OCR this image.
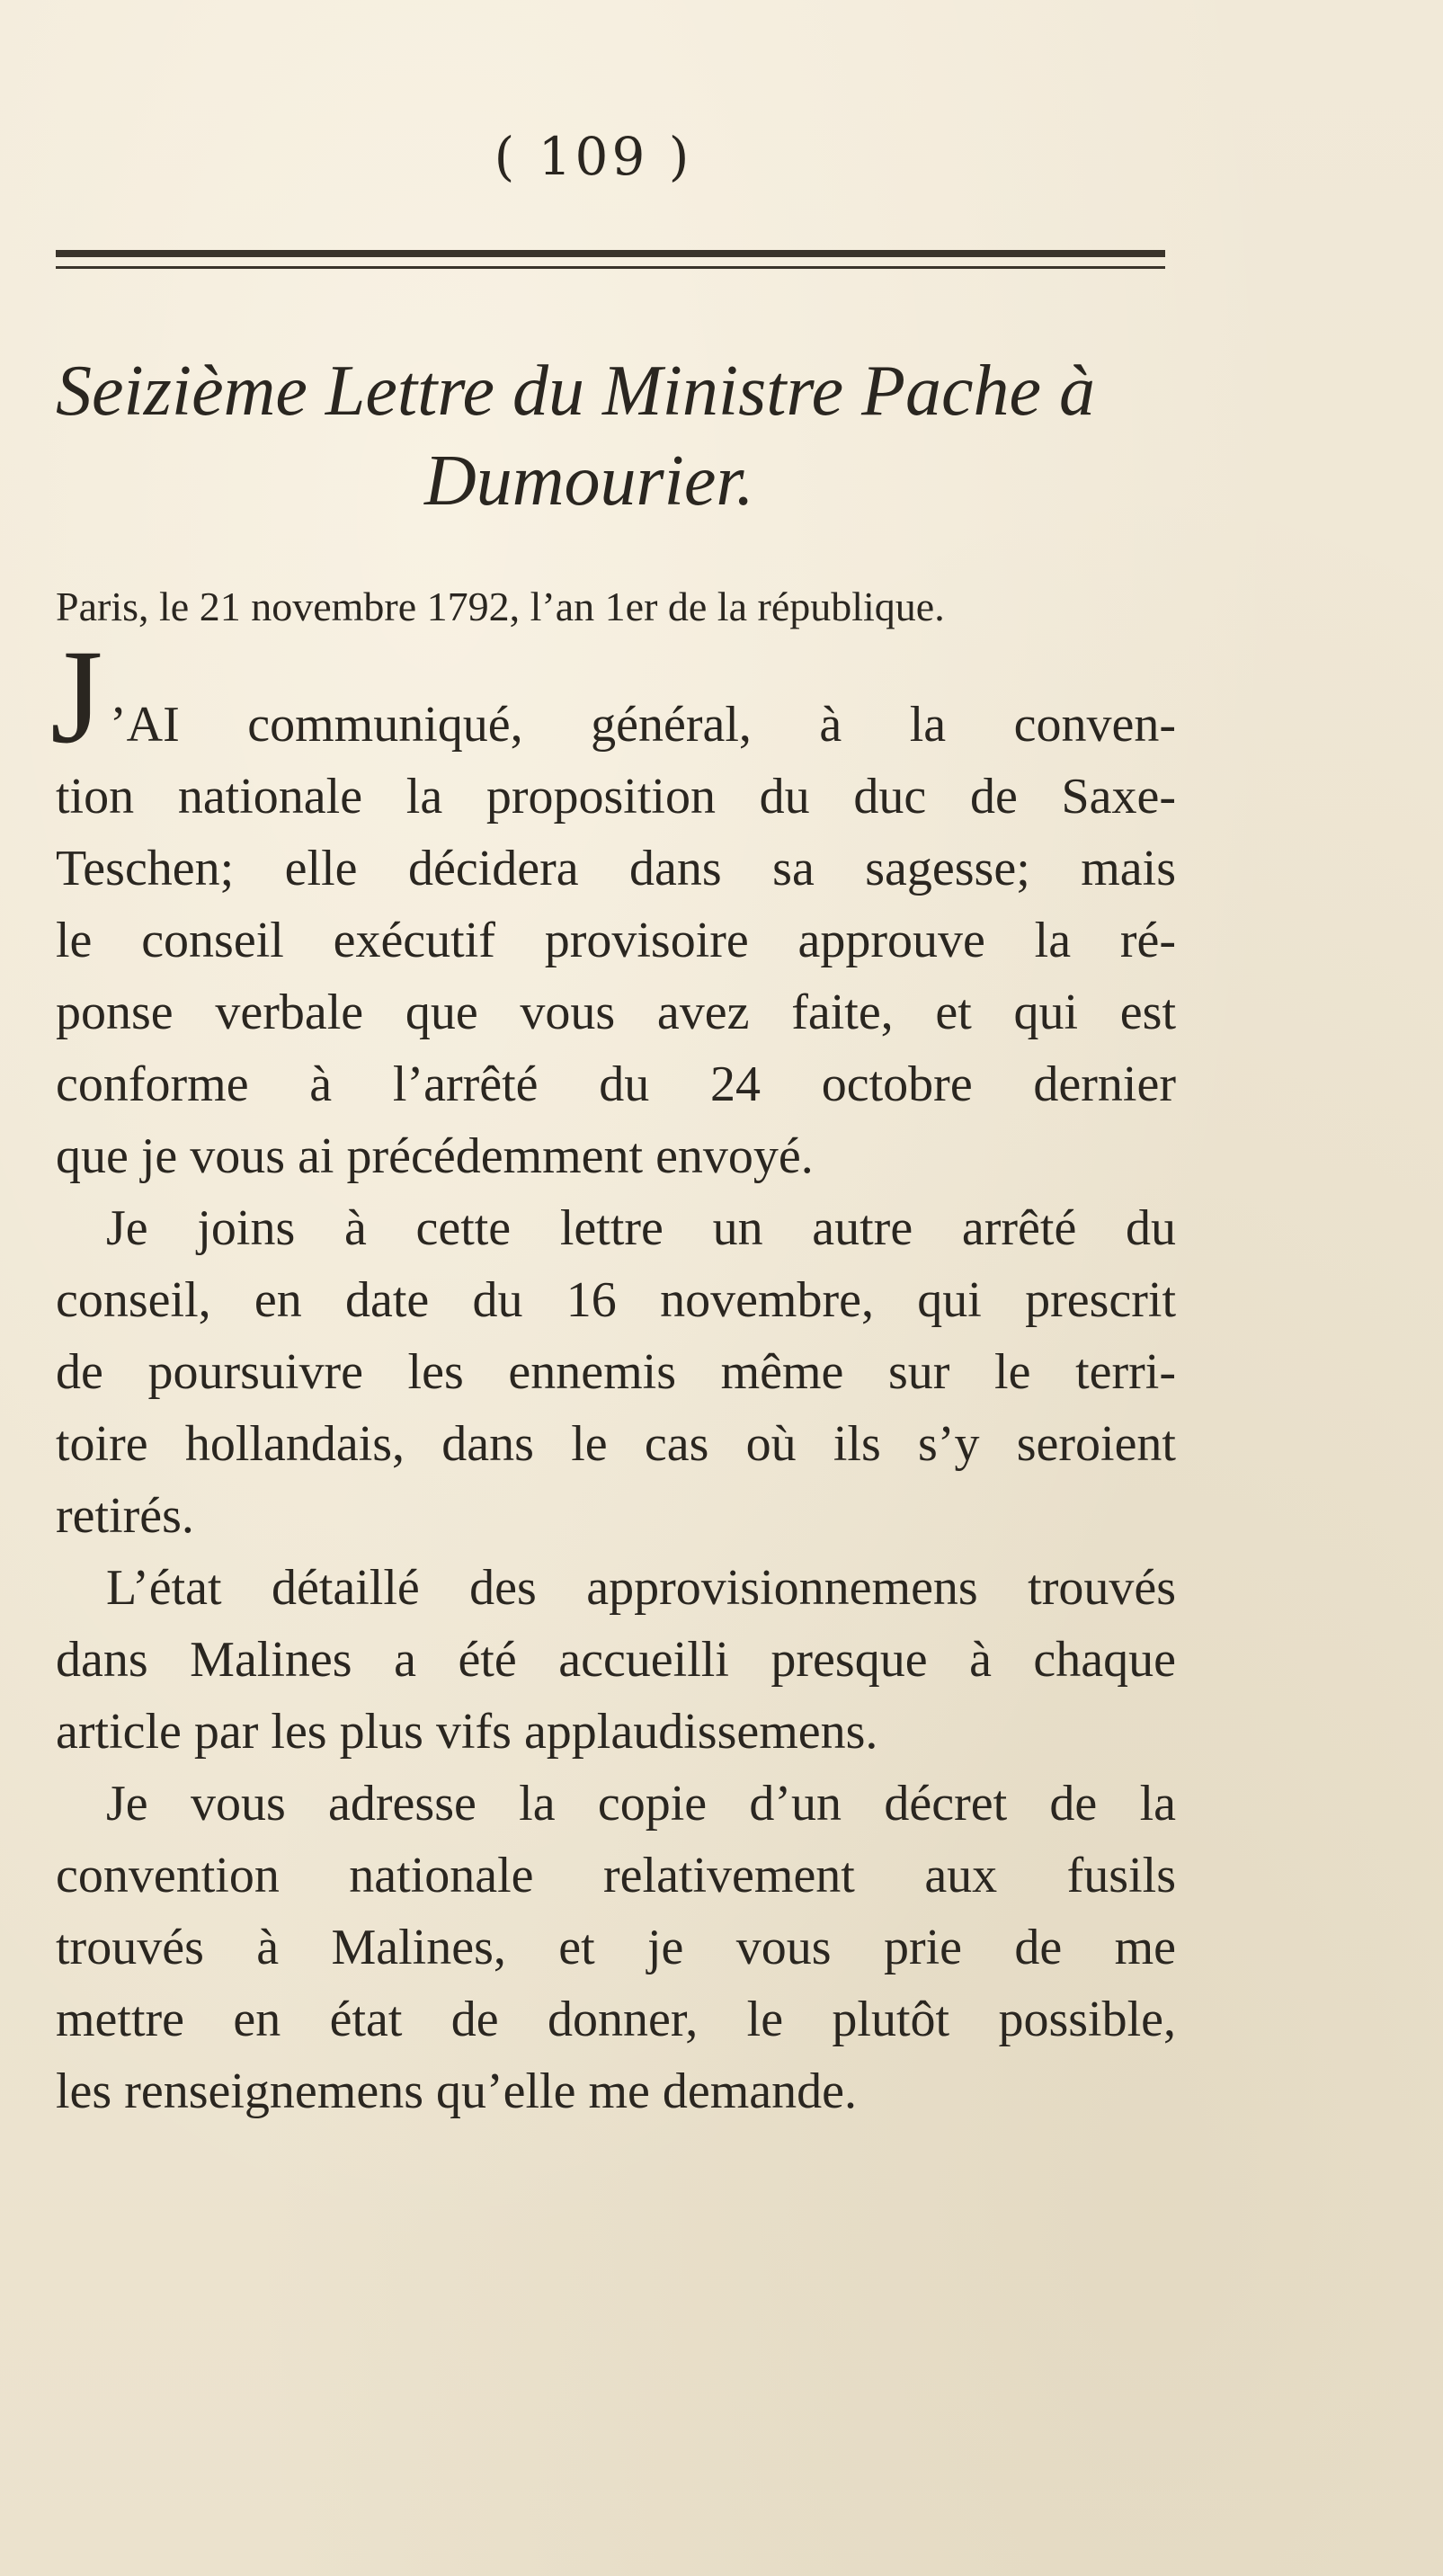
( 109 )
Seizième Lettre du Ministre Pache à
Dumourier.
Paris, le 21 novembre 1792, l’an 1er de la république.
J ’AI communiqué, général, à la conven-
tion nationale la proposition du duc de Saxe-
Teschen; elle décidera dans sa sagesse; mais
le conseil exécutif provisoire approuve la ré-
ponse verbale que vous avez faite, et qui est
conforme à l’arrêté du 24 octobre dernier
que je vous ai précédemment envoyé.
Je joins à cette lettre un autre arrêté du
conseil, en date du 16 novembre, qui prescrit
de poursuivre les ennemis même sur le terri-
toire hollandais, dans le cas où ils s’y seroient
retirés.
L’état détaillé des approvisionnemens trouvés
dans Malines a été accueilli presque à chaque
article par les plus vifs applaudissemens.
Je vous adresse la copie d’un décret de la
convention nationale relativement aux fusils
trouvés à Malines, et je vous prie de me
mettre en état de donner, le plutôt possible,
les renseignemens qu’elle me demande.
